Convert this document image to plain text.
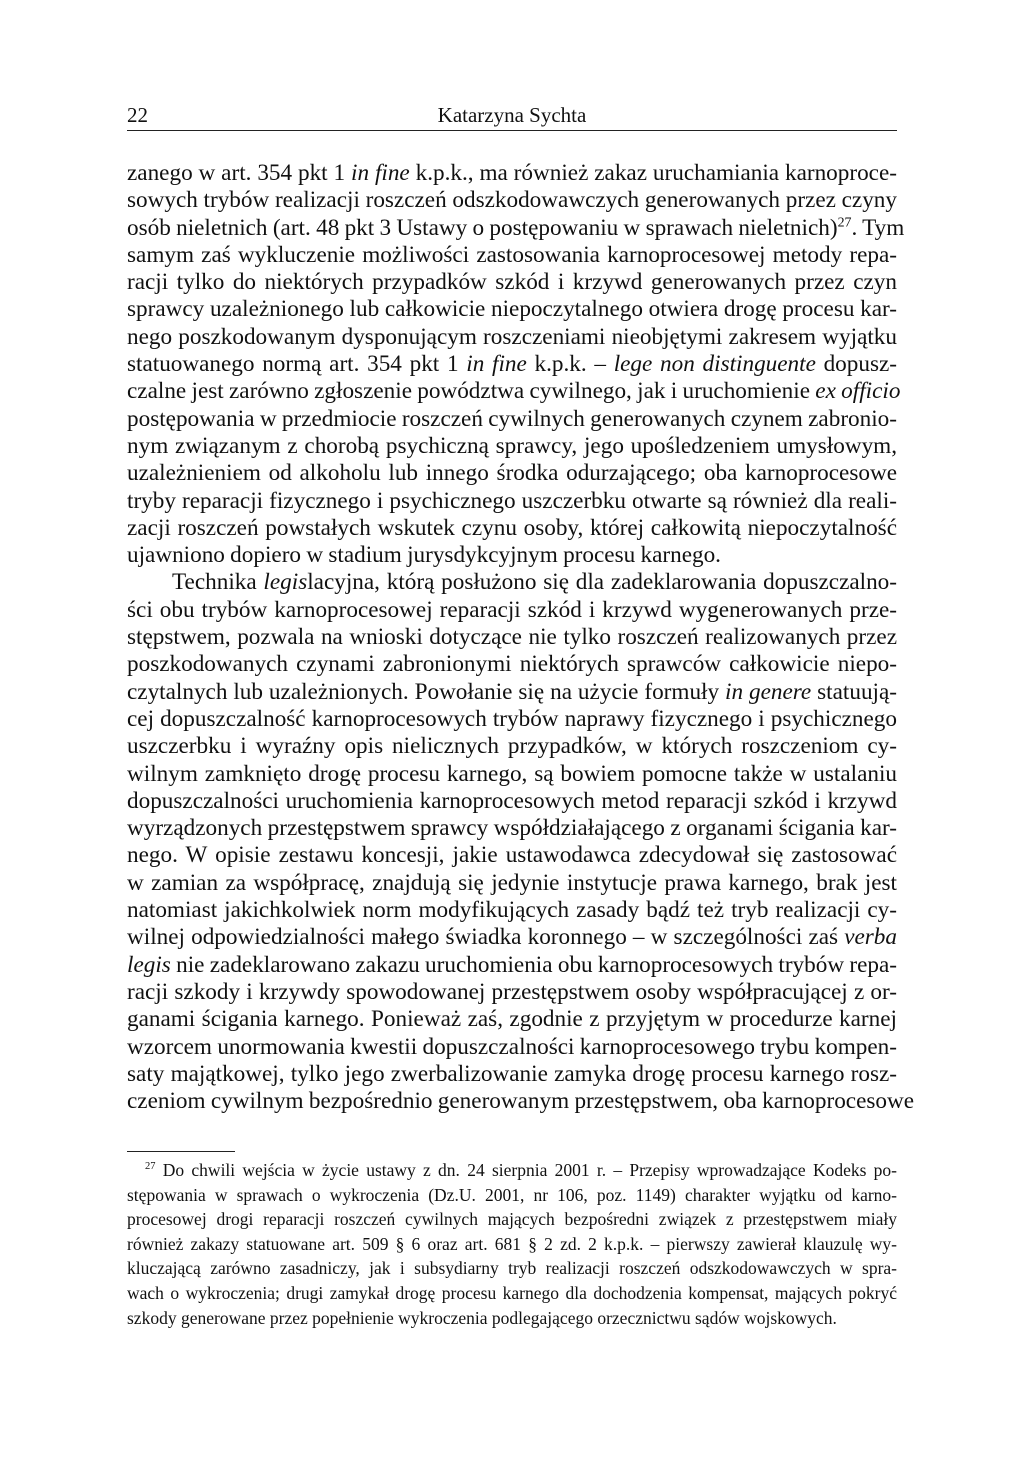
22	Katarzyna Sychta
zanego w art. 354 pkt 1 in fine k.p.k., ma również zakaz uruchamiania karnoproce-
sowych trybów realizacji roszczeń odszkodowawczych generowanych przez czyny
osób nieletnich (art. 48 pkt 3 Ustawy o postępowaniu w sprawach nieletnich)$^{27}$. Tym
samym zaś wykluczenie możliwości zastosowania karnoprocesowej metody repa-
racji tylko do niektórych przypadków szkód i krzywd generowanych przez czyn
sprawcy uzależnionego lub całkowicie niepoczytalnego otwiera drogę procesu kar-
nego poszkodowanym dysponującym roszczeniami nieobjętymi zakresem wyjątku
statuowanego normą art. 354 pkt 1 in fine k.p.k. – lege non distinguente dopusz-
czalne jest zarówno zgłoszenie powództwa cywilnego, jak i uruchomienie ex officio
postępowania w przedmiocie roszczeń cywilnych generowanych czynem zabronio-
nym związanym z chorobą psychiczną sprawcy, jego upośledzeniem umysłowym,
uzależnieniem od alkoholu lub innego środka odurzającego; oba karnoprocesowe
tryby reparacji fizycznego i psychicznego uszczerbku otwarte są również dla reali-
zacji roszczeń powstałych wskutek czynu osoby, której całkowitą niepoczytalność
ujawniono dopiero w stadium jurysdykcyjnym procesu karnego.
Technika legislacyjna, którą posłużono się dla zadeklarowania dopuszczalno-
ści obu trybów karnoprocesowej reparacji szkód i krzywd wygenerowanych prze-
stępstwem, pozwala na wnioski dotyczące nie tylko roszczeń realizowanych przez
poszkodowanych czynami zabronionymi niektórych sprawców całkowicie niepo-
czytalnych lub uzależnionych. Powołanie się na użycie formuły in genere statuują-
cej dopuszczalność karnoprocesowych trybów naprawy fizycznego i psychicznego
uszczerbku i wyraźny opis nielicznych przypadków, w których roszczeniom cy-
wilnym zamknięto drogę procesu karnego, są bowiem pomocne także w ustalaniu
dopuszczalności uruchomienia karnoprocesowych metod reparacji szkód i krzywd
wyrządzonych przestępstwem sprawcy współdziałającego z organami ścigania kar-
nego. W opisie zestawu koncesji, jakie ustawodawca zdecydował się zastosować
w zamian za współpracę, znajdują się jedynie instytucje prawa karnego, brak jest
natomiast jakichkolwiek norm modyfikujących zasady bądź też tryb realizacji cy-
wilnej odpowiedzialności małego świadka koronnego – w szczególności zaś verba
legis nie zadeklarowano zakazu uruchomienia obu karnoprocesowych trybów repa-
racji szkody i krzywdy spowodowanej przestępstwem osoby współpracującej z or-
ganami ścigania karnego. Ponieważ zaś, zgodnie z przyjętym w procedurze karnej
wzorcem unormowania kwestii dopuszczalności karnoprocesowego trybu kompen-
saty majątkowej, tylko jego zwerbalizowanie zamyka drogę procesu karnego rosz-
czeniom cywilnym bezpośrednio generowanym przestępstwem, oba karnoprocesowe
$^{27}$ Do chwili wejścia w życie ustawy z dn. 24 sierpnia 2001 r. – Przepisy wprowadzające Kodeks po-
stępowania w sprawach o wykroczenia (Dz.U. 2001, nr 106, poz. 1149) charakter wyjątku od karno-
procesowej drogi reparacji roszczeń cywilnych mających bezpośredni związek z przestępstwem miały
również zakazy statuowane art. 509 § 6 oraz art. 681 § 2 zd. 2 k.p.k. – pierwszy zawierał klauzulę wy-
kluczającą zarówno zasadniczy, jak i subsydiarny tryb realizacji roszczeń odszkodowawczych w spra-
wach o wykroczenia; drugi zamykał drogę procesu karnego dla dochodzenia kompensat, mających pokryć
szkody generowane przez popełnienie wykroczenia podlegającego orzecznictwu sądów wojskowych.
